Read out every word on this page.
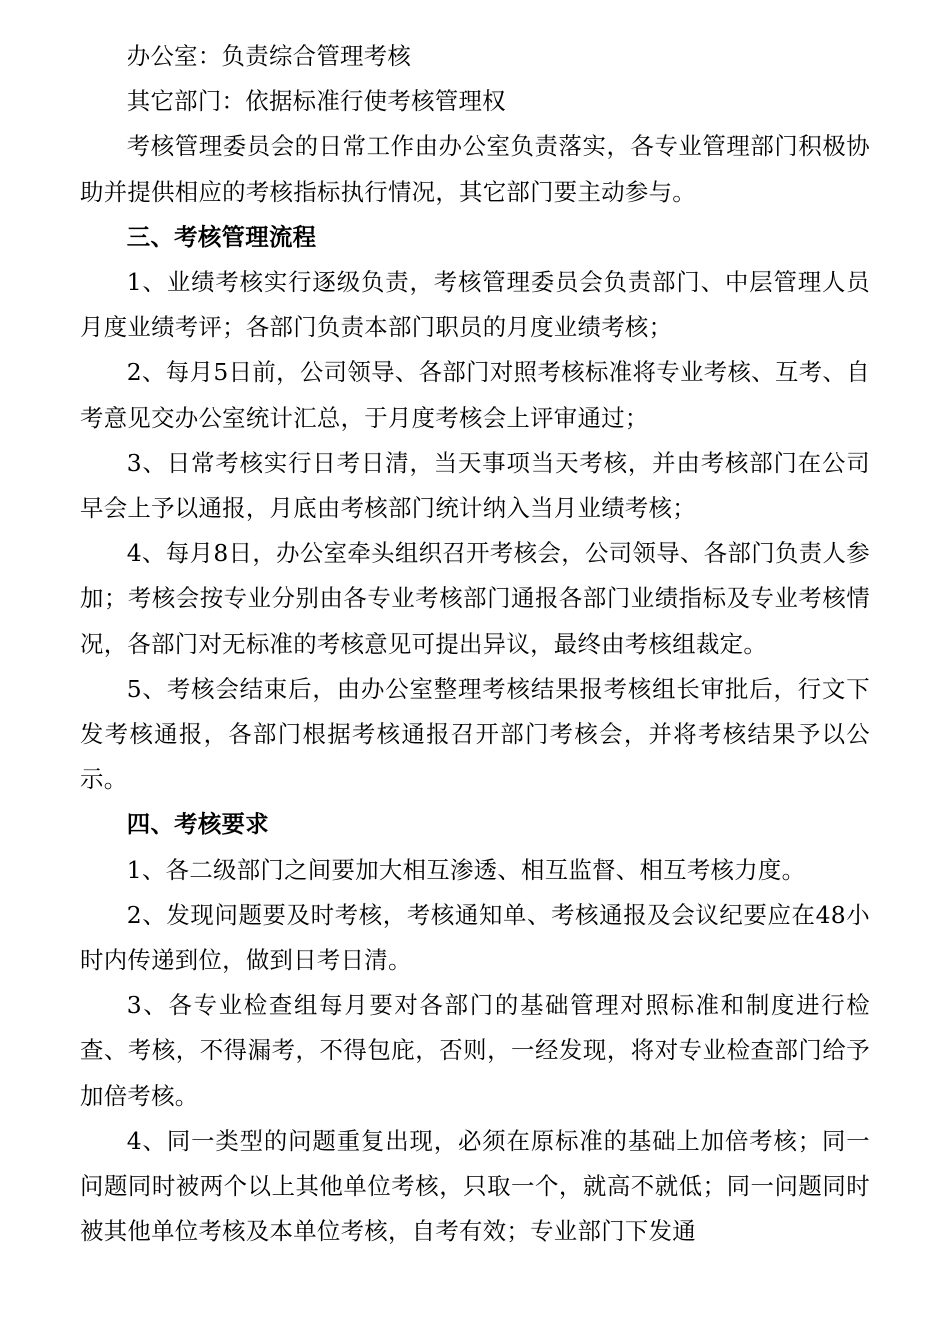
办公室：负责综合管理考核

其它部门：依据标准行使考核管理权

考核管理委员会的日常工作由办公室负责落实，各专业管理部门积极协助并提供相应的考核指标执行情况，其它部门要主动参与。

三、考核管理流程

1、业绩考核实行逐级负责，考核管理委员会负责部门、中层管理人员月度业绩考评；各部门负责本部门职员的月度业绩考核；

2、每月5日前，公司领导、各部门对照考核标准将专业考核、互考、自考意见交办公室统计汇总，于月度考核会上评审通过；

3、日常考核实行日考日清，当天事项当天考核，并由考核部门在公司早会上予以通报，月底由考核部门统计纳入当月业绩考核；

4、每月8日，办公室牵头组织召开考核会，公司领导、各部门负责人参加；考核会按专业分别由各专业考核部门通报各部门业绩指标及专业考核情况，各部门对无标准的考核意见可提出异议，最终由考核组裁定。

5、考核会结束后，由办公室整理考核结果报考核组长审批后，行文下发考核通报，各部门根据考核通报召开部门考核会，并将考核结果予以公示。

四、考核要求

1、各二级部门之间要加大相互渗透、相互监督、相互考核力度。

2、发现问题要及时考核，考核通知单、考核通报及会议纪要应在48小时内传递到位，做到日考日清。

3、各专业检查组每月要对各部门的基础管理对照标准和制度进行检查、考核，不得漏考，不得包庇，否则，一经发现，将对专业检查部门给予加倍考核。

4、同一类型的问题重复出现，必须在原标准的基础上加倍考核；同一问题同时被两个以上其他单位考核，只取一个，就高不就低；同一问题同时被其他单位考核及本单位考核，自考有效；专业部门下发通
